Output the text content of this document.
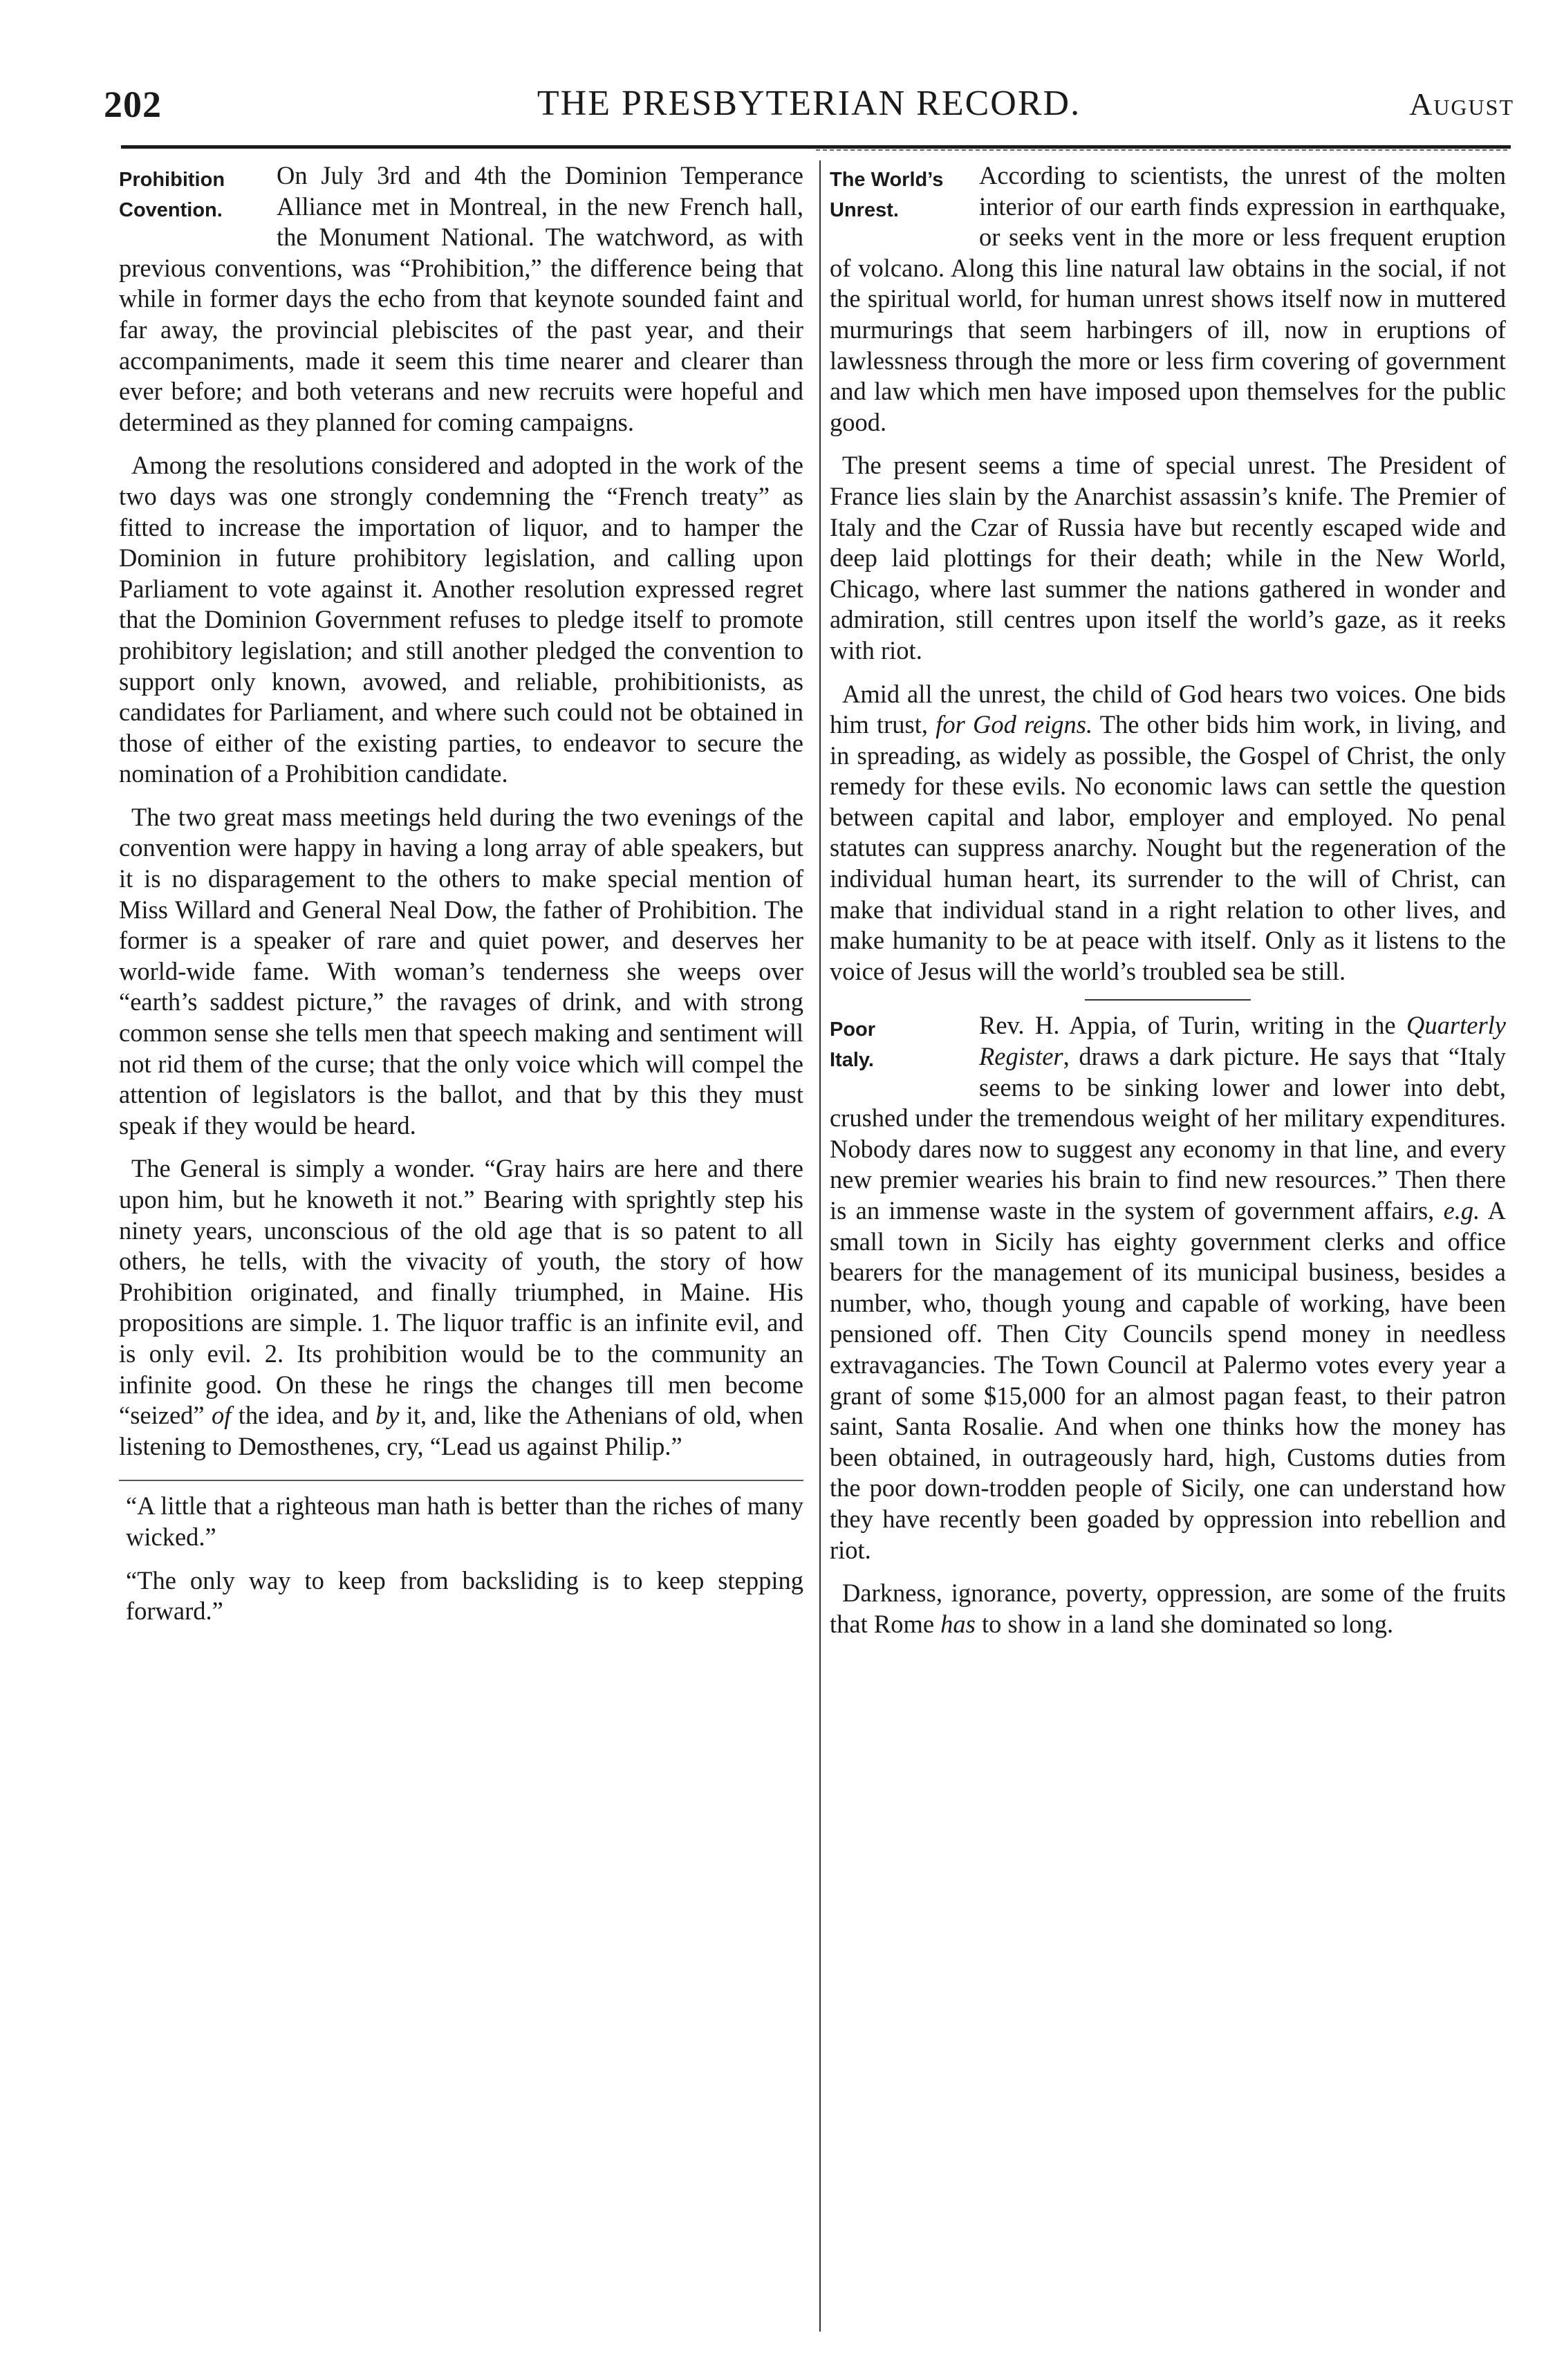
202	THE PRESBYTERIAN RECORD.	August
Prohibition
Covention.

On July 3rd and 4th the Dominion Temperance Alliance met in Montreal, in the new French hall, the Monument National. The watchword, as with previous conventions, was “Prohibition,” the difference being that while in former days the echo from that keynote sounded faint and far away, the provincial plebiscites of the past year, and their accompaniments, made it seem this time nearer and clearer than ever before; and both veterans and new recruits were hopeful and determined as they planned for coming campaigns.

Among the resolutions considered and adopted in the work of the two days was one strongly condemning the “French treaty” as fitted to increase the importation of liquor, and to hamper the Dominion in future prohibitory legislation, and calling upon Parliament to vote against it. Another resolution expressed regret that the Dominion Government refuses to pledge itself to promote prohibitory legislation; and still another pledged the convention to support only known, avowed, and reliable, prohibitionists, as candidates for Parliament, and where such could not be obtained in those of either of the existing parties, to endeavor to secure the nomination of a Prohibition candidate.

The two great mass meetings held during the two evenings of the convention were happy in having a long array of able speakers, but it is no disparagement to the others to make special mention of Miss Willard and General Neal Dow, the father of Prohibition. The former is a speaker of rare and quiet power, and deserves her world-wide fame. With woman’s tenderness she weeps over “earth’s saddest picture,” the ravages of drink, and with strong common sense she tells men that speech making and sentiment will not rid them of the curse; that the only voice which will compel the attention of legislators is the ballot, and that by this they must speak if they would be heard.

The General is simply a wonder. “Gray hairs are here and there upon him, but he knoweth it not.” Bearing with sprightly step his ninety years, unconscious of the old age that is so patent to all others, he tells, with the vivacity of youth, the story of how Prohibition originated, and finally triumphed, in Maine. His propositions are simple. 1. The liquor traffic is an infinite evil, and is only evil. 2. Its prohibition would be to the community an infinite good. On these he rings the changes till men become “seized” of the idea, and by it, and, like the Athenians of old, when listening to Demosthenes, cry, “Lead us against Philip.”

“A little that a righteous man hath is better than the riches of many wicked.”

“The only way to keep from backsliding is to keep stepping forward.”

The World’s
Unrest.

According to scientists, the unrest of the molten interior of our earth finds expression in earthquake, or seeks vent in the more or less frequent eruption of volcano. Along this line natural law obtains in the social, if not the spiritual world, for human unrest shows itself now in muttered murmurings that seem harbingers of ill, now in eruptions of lawlessness through the more or less firm covering of government and law which men have imposed upon themselves for the public good.

The present seems a time of special unrest. The President of France lies slain by the Anarchist assassin’s knife. The Premier of Italy and the Czar of Russia have but recently escaped wide and deep laid plottings for their death; while in the New World, Chicago, where last summer the nations gathered in wonder and admiration, still centres upon itself the world’s gaze, as it reeks with riot.

Amid all the unrest, the child of God hears two voices. One bids him trust, for God reigns. The other bids him work, in living, and in spreading, as widely as possible, the Gospel of Christ, the only remedy for these evils. No economic laws can settle the question between capital and labor, employer and employed. No penal statutes can suppress anarchy. Nought but the regeneration of the individual human heart, its surrender to the will of Christ, can make that individual stand in a right relation to other lives, and make humanity to be at peace with itself. Only as it listens to the voice of Jesus will the world’s troubled sea be still.

Poor
Italy.

Rev. H. Appia, of Turin, writing in the Quarterly Register, draws a dark picture. He says that “Italy seems to be sinking lower and lower into debt, crushed under the tremendous weight of her military expenditures. Nobody dares now to suggest any economy in that line, and every new premier wearies his brain to find new resources.” Then there is an immense waste in the system of government affairs, e.g. A small town in Sicily has eighty government clerks and office bearers for the management of its municipal business, besides a number, who, though young and capable of working, have been pensioned off. Then City Councils spend money in needless extravagancies. The Town Council at Palermo votes every year a grant of some $15,000 for an almost pagan feast, to their patron saint, Santa Rosalie. And when one thinks how the money has been obtained, in outrageously hard, high, Customs duties from the poor down-trodden people of Sicily, one can understand how they have recently been goaded by oppression into rebellion and riot.

Darkness, ignorance, poverty, oppression, are some of the fruits that Rome has to show in a land she dominated so long.
